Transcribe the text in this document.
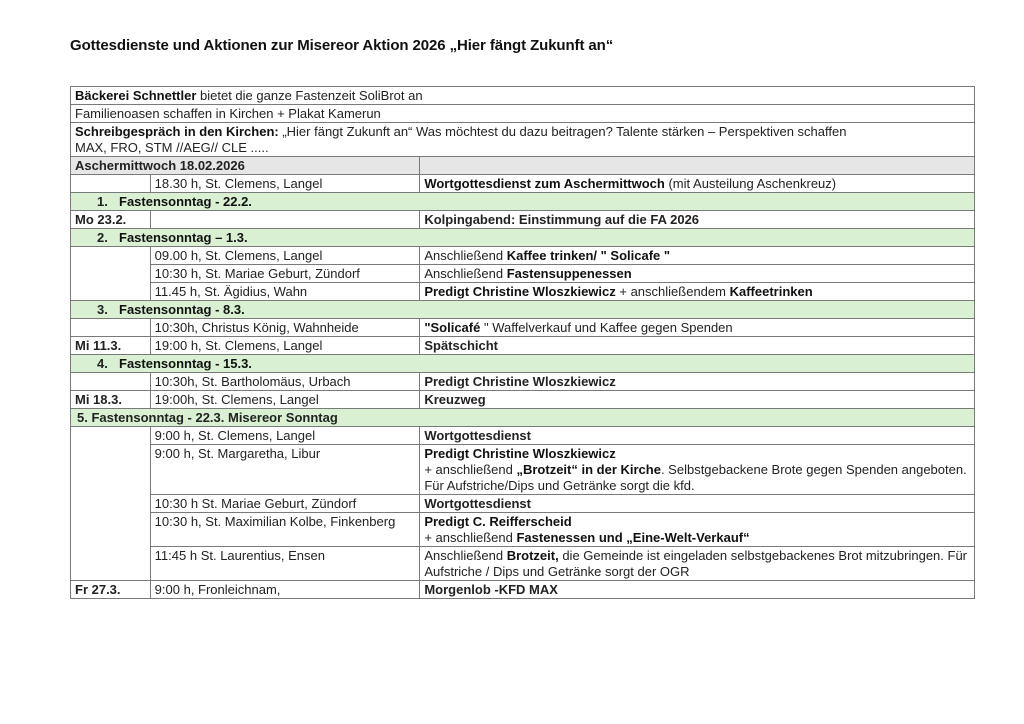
Gottesdienste und Aktionen zur Misereor Aktion 2026 „Hier fängt Zukunft an“
Bäckerei Schnettler bietet die ganze Fastenzeit SoliBrot an		
Familienoasen schaffen in Kirchen + Plakat Kamerun		
Schreibgespräch in den Kirchen: „Hier fängt Zukunft an“ Was möchtest du dazu beitragen? Talente stärken – Perspektiven schaffen
MAX, FRO, STM //AEG// CLE .....		
Aschermittwoch 18.02.2026		
	18.30 h, St. Clemens, Langel	Wortgottesdienst zum Aschermittwoch (mit Austeilung Aschenkreuz)
1. Fastensonntag - 22.2.		
Mo 23.2.		Kolpingabend: Einstimmung auf die FA 2026
2. Fastensonntag – 1.3.		
	09.00 h, St. Clemens, Langel	Anschließend Kaffee trinken/ " Solicafe "
	10:30 h, St. Mariae Geburt, Zündorf	Anschließend Fastensuppenessen
	11.45 h, St. Ägidius, Wahn	Predigt Christine Wloszkiewicz + anschließendem Kaffeetrinken
3. Fastensonntag - 8.3.		
	10:30h, Christus König, Wahnheide	"Solicafé " Waffelverkauf und Kaffee gegen Spenden
Mi 11.3.	19:00 h, St. Clemens, Langel	Spätschicht
4. Fastensonntag - 15.3.		
	10:30h, St. Bartholomäus, Urbach	Predigt Christine Wloszkiewicz
Mi 18.3.	19:00h, St. Clemens, Langel	Kreuzweg
5. Fastensonntag - 22.3. Misereor Sonntag		
	9:00 h, St. Clemens, Langel	Wortgottesdienst
	9:00 h, St. Margaretha, Libur	Predigt Christine Wloszkiewicz
+ anschließend „Brotzeit“ in der Kirche. Selbstgebackene Brote gegen Spenden angeboten. Für Aufstriche/Dips und Getränke sorgt die kfd.
	10:30 h St. Mariae Geburt, Zündorf	Wortgottesdienst
	10:30 h, St. Maximilian Kolbe, Finkenberg	Predigt C. Reifferscheid
+ anschließend Fastenessen und „Eine-Welt-Verkauf“
	11:45 h St. Laurentius, Ensen	Anschließend Brotzeit, die Gemeinde ist eingeladen selbstgebackenes Brot mitzubringen. Für Aufstriche / Dips und Getränke sorgt der OGR
Fr 27.3.	9:00 h, Fronleichnam,	Morgenlob -KFD MAX
